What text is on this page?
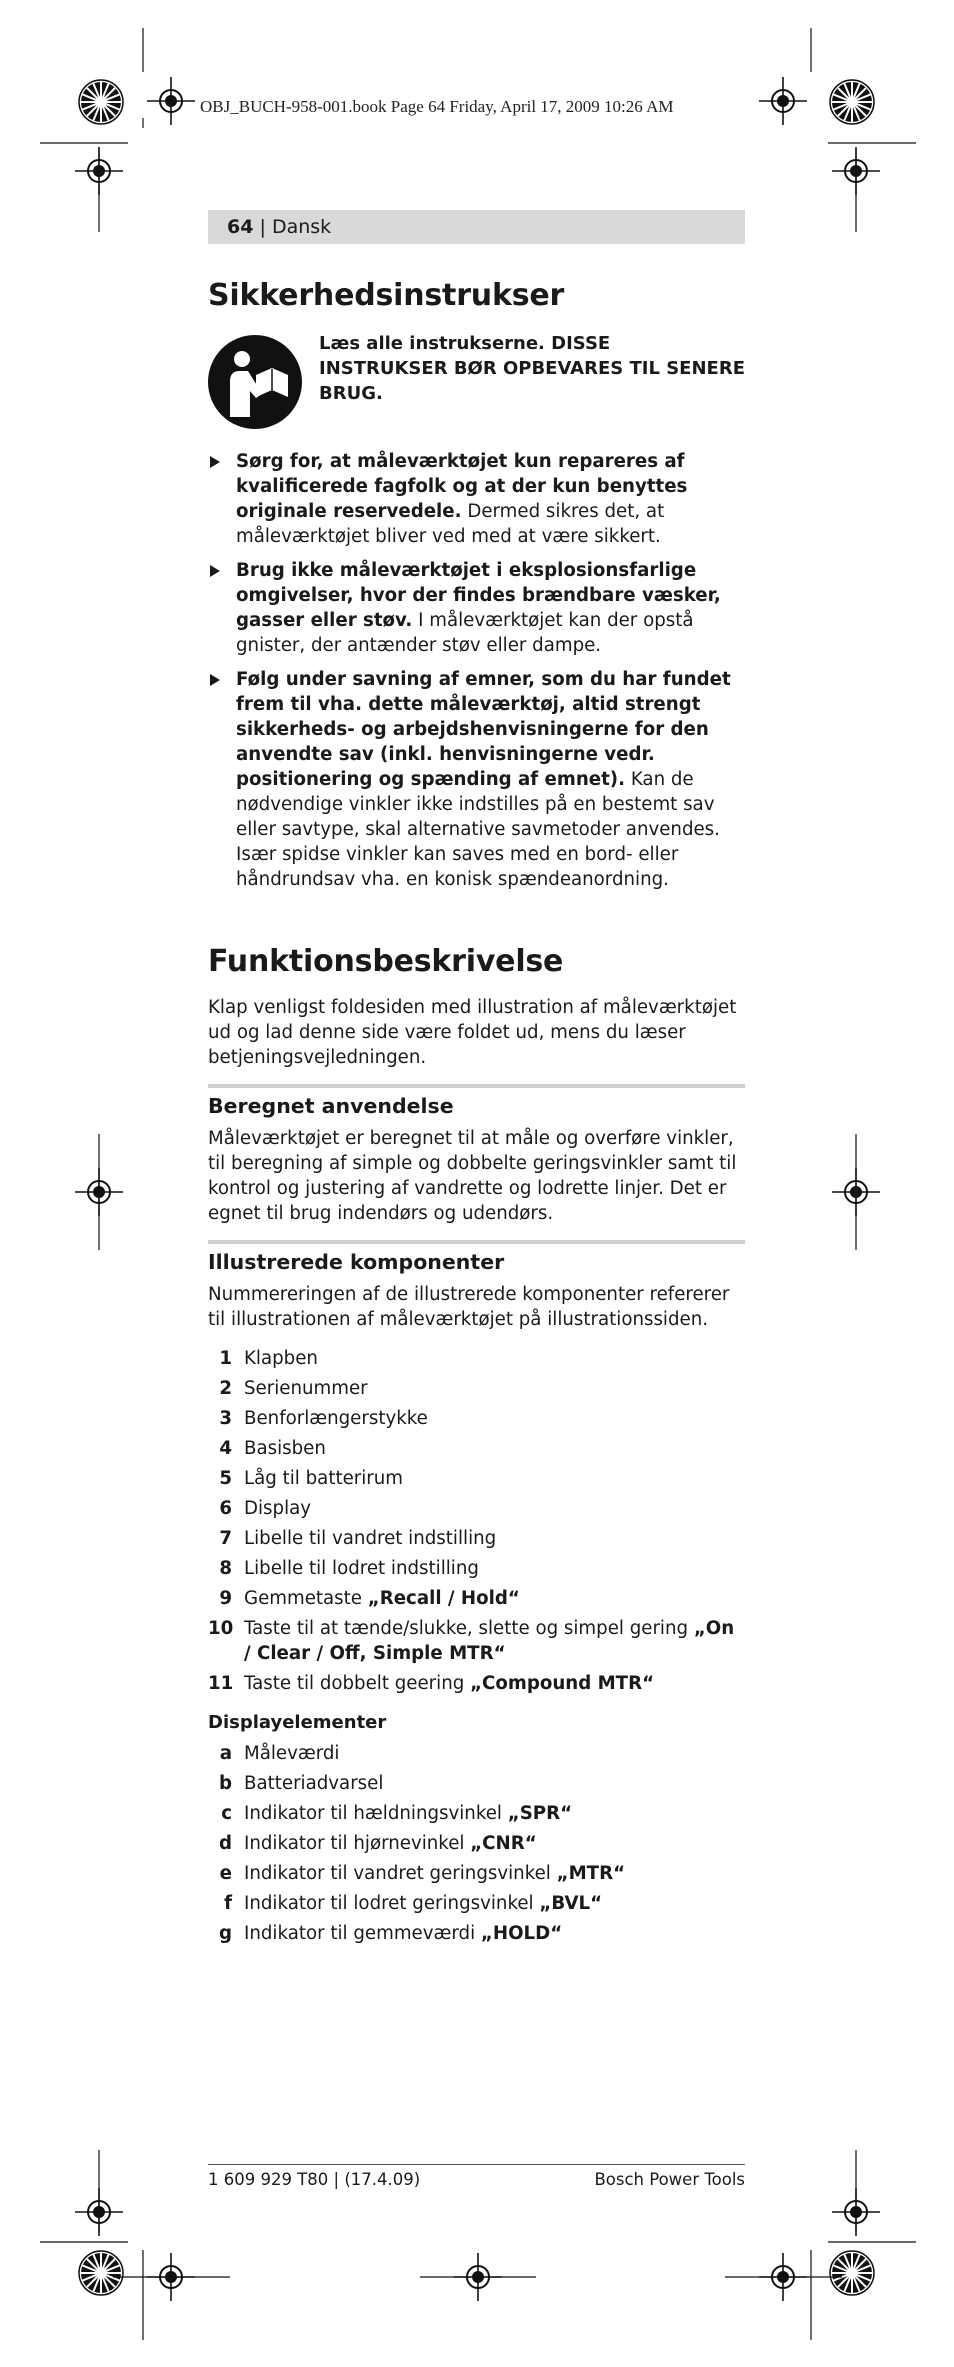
OBJ_BUCH-958-001.book Page 64 Friday, April 17, 2009 10:26 AM
64 | Dansk
Sikkerhedsinstrukser
Læs alle instrukserne. DISSE INSTRUKSER BØR OPBEVARES TIL SENERE BRUG.
Sørg for, at måleværktøjet kun repareres af kvalificerede fagfolk og at der kun benyttes originale reservedele. Dermed sikres det, at måleværktøjet bliver ved med at være sikkert.
Brug ikke måleværktøjet i eksplosionsfarlige omgivelser, hvor der findes brændbare væsker, gasser eller støv. I måleværktøjet kan der opstå gnister, der antænder støv eller dampe.
Følg under savning af emner, som du har fundet frem til vha. dette måleværktøj, altid strengt sikkerheds- og arbejdshenvisningerne for den anvendte sav (inkl. henvisningerne vedr. positionering og spænding af emnet). Kan de nødvendige vinkler ikke indstilles på en bestemt sav eller savtype, skal alternative savmetoder anvendes. Især spidse vinkler kan saves med en bord- eller håndrundsav vha. en konisk spændeanordning.
Funktionsbeskrivelse

Klap venligst foldesiden med illustration af måleværktøjet ud og lad denne side være foldet ud, mens du læser betjeningsvejledningen.

Beregnet anvendelse

Måleværktøjet er beregnet til at måle og overføre vinkler, til beregning af simple og dobbelte geringsvinkler samt til kontrol og justering af vandrette og lodrette linjer. Det er egnet til brug indendørs og udendørs.

Illustrerede komponenter

Nummereringen af de illustrerede komponenter refererer til illustrationen af måleværktøjet på illustrationssiden.

1 Klapben
2 Serienummer
3 Benforlængerstykke
4 Basisben
5 Låg til batterirum
6 Display
7 Libelle til vandret indstilling
8 Libelle til lodret indstilling
9 Gemmetaste „Recall / Hold“
10 Taste til at tænde/slukke, slette og simpel gering „On / Clear / Off, Simple MTR“
11 Taste til dobbelt geering „Compound MTR“
Displayelementer
a Måleværdi
b Batteriadvarsel
c Indikator til hældningsvinkel „SPR“
d Indikator til hjørnevinkel „CNR“
e Indikator til vandret geringsvinkel „MTR“
f Indikator til lodret geringsvinkel „BVL“
g Indikator til gemmeværdi „HOLD“
1 609 929 T80 | (17.4.09)	Bosch Power Tools
